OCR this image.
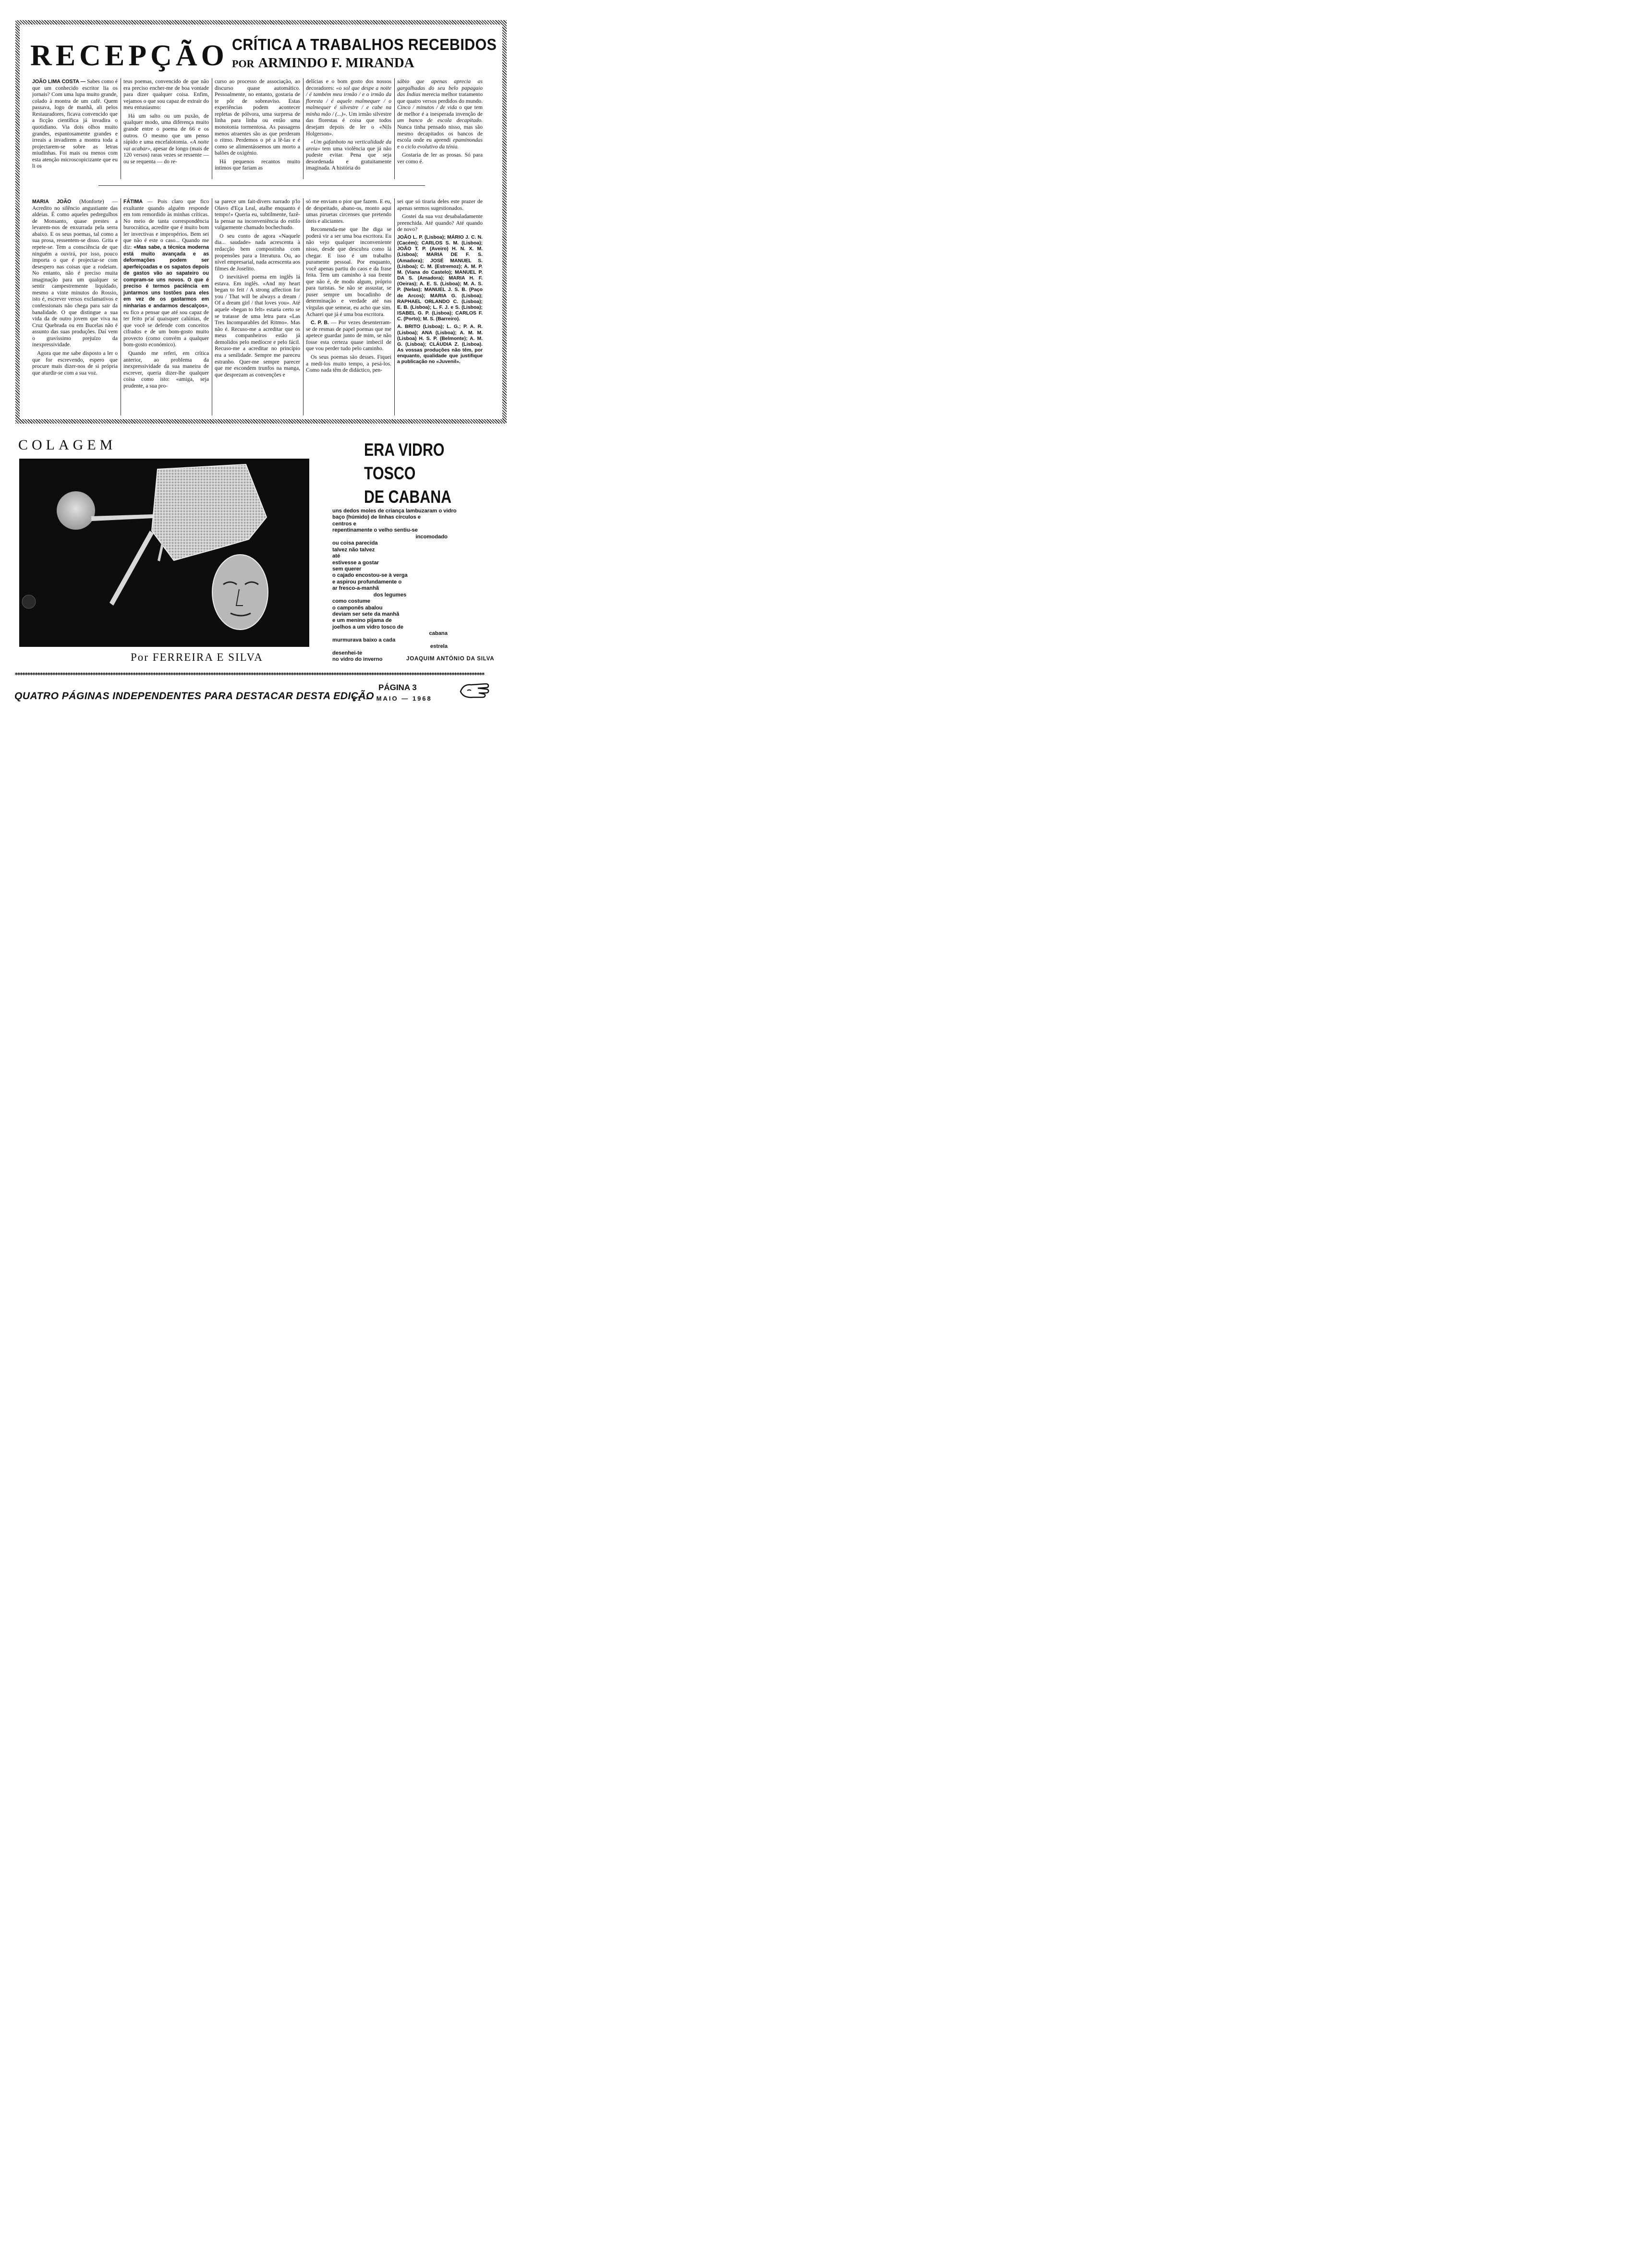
RECEPÇÃO CRÍTICA A TRABALHOS RECEBIDOS
POR ARMINDO F. MIRANDA

JOÃO LIMA COSTA — Sabes como é que um conhecido escritor lia os jornais? Com uma lupa muito grande, colado à montra de um café. Quem passava, logo de manhã, ali pelos Restauradores, ficava convencido que a ficção científica já invadira o quotidiano. Via dois olhos muito grandes, espantosamente grandes e irreais a invadirem a montra toda a projectarem-se sobre as letras miudinhas. Foi mais ou menos com esta atenção microscopicizante que eu li os

teus poemas, convencido de que não era preciso encher-me de boa vontade para dizer qualquer coisa. Enfim, vejamos o que sou capaz de extrair do meu entusiasmo:

Há um salto ou um puxão, de qualquer modo, uma diferença muito grande entre o poema de 66 e os outros. O mesmo que um penso rápido e uma encefalotomia. «A noite vai acabar», apesar de longo (mais de 120 versos) raras vezes se ressente — ou se requenta — do re-

curso ao processo de associação, ao discurso quase automático. Pessoalmente, no entanto, gostaria de te pôr de sobreaviso. Estas experiências podem acontecer repletas de pólvora, uma surpresa de linha para linha ou então uma monotonia tormentosa. As passagens menos atraentes são as que perderam o ritmo. Perdemos o pé a lê-las e é como se alimentássemos um morto a balões de oxigénio.

Há pequenos recantos muito íntimos que fariam as

delícias e o bom gosto dos nossos decoradores: «o sol que despe a noite / é também meu irmão / e o irmão da floresta / é aquele malmequer / o malmequer é silvestre / e cabe na minha mão / (...)». Um irmão silvestre das florestas é coisa que todos desejam depois de ler o «Nils Holgerson».

«Um gafanhoto na verticalidade da areia» tem uma violência que já não pudeste evitar. Pena que seja desordenada e gratuitamente imaginada. A história do

sábio que apenas aprecia as gargalhadas do seu belo papagaio das Índias merecia melhor tratamento que quatro versos perdidos do mundo. Cinco / minutos / de vida o que tem de melhor é a inesperada invenção de um banco de escola decapitado. Nunca tinha pensado nisso, mas são mesmo decapitados os bancos de escola onde eu aprendi epaminondas e o ciclo evolutivo da ténia.

Gostaria de ler as prosas. Só para ver como é.

MARIA JOÃO (Monforte) — Acredito no silêncio angustiante das aldeias. É como aqueles pedregulhos de Monsanto, quase prestes a levarem-nos de enxurrada pela serra abaixo. E os seus poemas, tal como a sua prosa, ressentem-se disso. Grita e repete-se. Tem a consciência de que ninguém a ouvirá, por isso, pouco importa o que é projectar-se com desespero nas coisas que a rodeiam. No entanto, não é preciso muita imaginação para um qualquer se sentir campestremente liquidado, mesmo a vinte minutos do Rossio, isto é, escrever versos exclamativos e confessionais não chega para sair da banalidade. O que distingue a sua vida da de outro jovem que viva na Cruz Quebrada ou em Bucelas não é assunto das suas produções. Daí vem o gravíssimo prejuízo da inexpressividade.

Agora que me sabe disposto a ler o que for escrevendo, espero que procure mais dizer-nos de si própria que aturdir-se com a sua voz.

FÁTIMA — Pois claro que fico exultante quando alguém responde em tom remordido às minhas críticas. No meio de tanta correspondência burocrática, acredite que é muito bom ler invectivas e impropérios. Bem sei que não é este o caso... Quando me diz: «Mas sabe, a técnica moderna está muito avançada e as deformações podem ser aperfeiçoadas e os sapatos depois de gastos vão ao sapateiro ou compram-se uns novos. O que é preciso é termos paciência em juntarmos uns tostões para eles em vez de os gastarmos em ninharias e andarmos descalços», eu fico a pensar que até sou capaz de ter feito pr'aí quaisquer calúnias, de que você se defende com conceitos cifrados e de um bom-gosto muito provecto (como convém a qualquer bom-gosto económico).

Quando me referi, em crítica anterior, ao problema da inexpressividade da sua maneira de escrever, queria dizer-lhe qualquer coisa como isto: «amiga, seja prudente, a sua pro-

sa parece um fait-divers narrado p'lo Olavo d'Eça Leal, atalhe enquanto é tempo!» Queria eu, subtilmente, fazê-la pensar na inconveniência do estilo vulgarmente chamado bochechudo.

O seu conto de agora «Naquele dia... saudade» nada acrescenta à redacção bem compostinha com propensões para a literatura. Ou, ao nível empresarial, nada acrescenta aos filmes de Joselito.

O inevitável poema em inglês lá estava. Em inglês. «And my heart began to feit / A strong affection for you / That will be always a dream / Of a dream girl / that loves you». Até aquele «began to felt» estaria certo se se tratasse de uma letra para «Las Tres Incomparables del Ritmo». Mas não é. Recuso-me a acreditar que os meus companheiros estão já demolidos pelo medíocre e pelo fácil. Recuso-me a acreditar no princípio era a senilidade. Sempre me pareceu estranho. Quer-me sempre parecer que me escondem trunfos na manga, que desprezam as convenções e

só me enviam o pior que fazem. E eu, de despeitado, abano-os, monto aqui umas piruetas circenses que pretendo úteis e aliciantes.

Recomenda-me que lhe diga se poderá vir a ser uma boa escritora. Eu não vejo qualquer inconveniente nisso, desde que descubra como lá chegar. E isso é um trabalho puramente pessoal. Por enquanto, você apenas partiu do caos e da frase feita. Tem um caminho à sua frente que não é, de modo algum, próprio para turistas. Se não se assustar, se puser sempre um bocadinho de determinação e verdade até nas vírgulas que semear, eu acho que sim. Acharei que já é uma boa escritora.

C. P. B. — Por vezes desenterram-se de resmas de papel poemas que me apetece guardar junto de mim, se não fosse esta certeza quase imbecil de que vou perder tudo pelo caminho.

Os seus poemas são desses. Fiquei a medi-los muito tempo, a pesá-los. Como nada têm de didáctico, pen-

sei que só tiraria deles este prazer de apenas sermos sugestionados.

Gostei da sua voz desabaladamente preenchida. Até quando? Até quando de novo?

JOÃO L. P. (Lisboa); MÁRIO J. C. N. (Cacém); CARLOS S. M. (Lisboa); JOÃO T. P. (Aveiro) H. N. X. M. (Lisboa); MARIA DE F. S. (Amadora); JOSÉ MANUEL S. (Lisboa); C. M. (Estremoz); A. M. P. M. (Viana do Castelo); MANUEL P. DA S. (Amadora); MARIA H. F. (Oeiras); A. E. S. (Lisboa); M. A. S. P. (Nelas); MANUEL J. S. B. (Paço de Arcos); MARIA G. (Lisboa); RAPHAEL ORLANDO C. (Lisboa); E. B. (Lisboa); L. F. J. e S. (Lisboa); ISABEL G. P. (Lisboa); CARLOS F. C. (Porto); M. S. (Barreiro).

A. BRITO (Lisboa); L. G.; P. A. R. (Lisboa); ANA (Lisboa); A. M. M. (Lisboa) H. S. P. (Belmonte); A. M. G. (Lisboa); CLÁUDIA Z. (Lisboa). As vossas produções não têm, por enquanto, qualidade que justifique a publicação no «Juvenil».

COLAGEM
Por FERREIRA E SILVA
ERA VIDRO
TOSCO
DE CABANA
uns dedos moles de criança lambuzaram o vidro
baço (húmido) de linhas círculos e
centros e
repentinamente o velho sentiu-se
incomodado
ou coisa parecida
talvez não talvez
até
estivesse a gostar
sem querer
o cajado encostou-se à verga
e aspirou profundamente o
ar fresco-a-manhã
dos legumes
como costume
o camponês abalou
deviam ser sete da manhã
e um menino pijama de
joelhos a um vidro tosco de
cabana
murmurava baixo a cada
estrela
desenhei-te
no vidro do inverno	JOAQUIM ANTÓNIO DA SILVA
*******************************************************************************************************************************************************************************************
QUATRO PÁGINAS INDEPENDENTES PARA DESTACAR DESTA EDIÇÃO
PÁGINA 3
21 — MAIO — 1968
